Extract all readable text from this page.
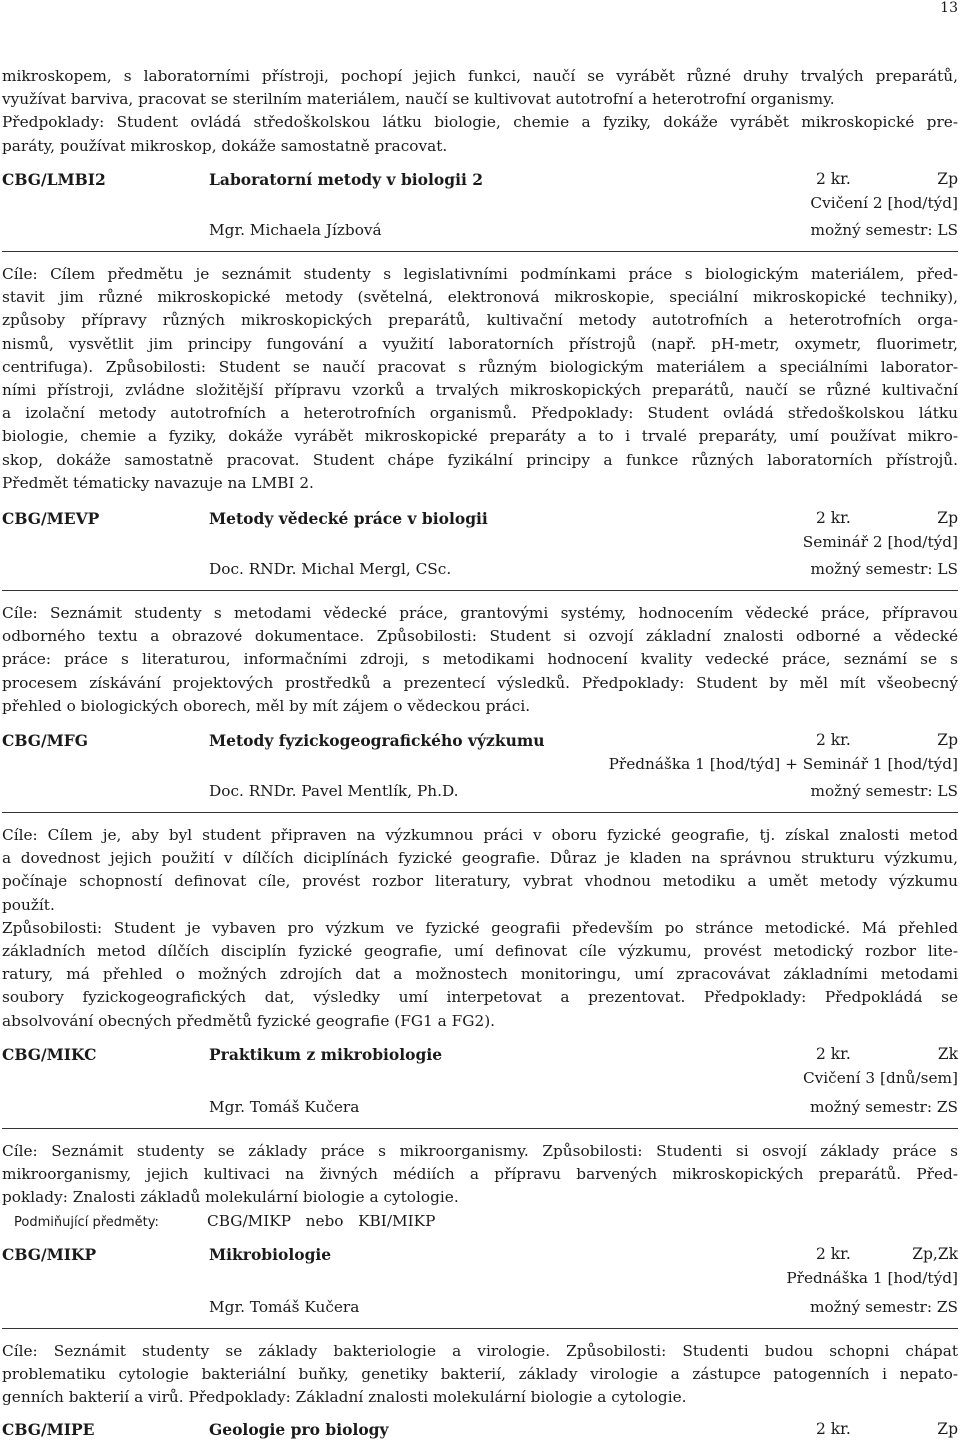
13
mikroskopem, s laboratorními přístroji, pochopí jejich funkci, naučí se vyrábět různé druhy trvalých preparátů,
využívat barviva, pracovat se sterilním materiálem, naučí se kultivovat autotrofní a heterotrofní organismy.
Předpoklady: Student ovládá středoškolskou látku biologie, chemie a fyziky, dokáže vyrábět mikroskopické pre-
paráty, používat mikroskop, dokáže samostatně pracovat.
CBG/LMBI2	Laboratorní metody v biologii 2	2 kr.	Zp
Cvičení 2 [hod/týd]
Mgr. Michaela Jízbová	možný semestr: LS
Cíle: Cílem předmětu je seznámit studenty s legislativními podmínkami práce s biologickým materiálem, před-
stavit jim různé mikroskopické metody (světelná, elektronová mikroskopie, speciální mikroskopické techniky),
způsoby přípravy různých mikroskopických preparátů, kultivační metody autotrofních a heterotrofních orga-
nismů, vysvětlit jim principy fungování a využití laboratorních přístrojů (např. pH-metr, oxymetr, fluorimetr,
centrifuga). Způsobilosti: Student se naučí pracovat s různým biologickým materiálem a speciálními laborator-
ními přístroji, zvládne složitější přípravu vzorků a trvalých mikroskopických preparátů, naučí se různé kultivační
a izolační metody autotrofních a heterotrofních organismů. Předpoklady: Student ovládá středoškolskou látku
biologie, chemie a fyziky, dokáže vyrábět mikroskopické preparáty a to i trvalé preparáty, umí používat mikro-
skop, dokáže samostatně pracovat. Student chápe fyzikální principy a funkce různých laboratorních přístrojů.
Předmět tématicky navazuje na LMBI 2.
CBG/MEVP	Metody vědecké práce v biologii	2 kr.	Zp
Seminář 2 [hod/týd]
Doc. RNDr. Michal Mergl, CSc.	možný semestr: LS
Cíle: Seznámit studenty s metodami vědecké práce, grantovými systémy, hodnocením vědecké práce, přípravou
odborného textu a obrazové dokumentace. Způsobilosti: Student si ozvojí základní znalosti odborné a vědecké
práce: práce s literaturou, informačními zdroji, s metodikami hodnocení kvality vedecké práce, seznámí se s
procesem získávání projektových prostředků a prezentecí výsledků. Předpoklady: Student by měl mít všeobecný
přehled o biologických oborech, měl by mít zájem o vědeckou práci.
CBG/MFG	Metody fyzickogeografického výzkumu	2 kr.	Zp
Přednáška 1 [hod/týd] + Seminář 1 [hod/týd]
Doc. RNDr. Pavel Mentlík, Ph.D.	možný semestr: LS
Cíle: Cílem je, aby byl student připraven na výzkumnou práci v oboru fyzické geografie, tj. získal znalosti metod
a dovednost jejich použití v dílčích diciplínách fyzické geografie. Důraz je kladen na správnou strukturu výzkumu,
počínaje schopností definovat cíle, provést rozbor literatury, vybrat vhodnou metodiku a umět metody výzkumu
použít.
Způsobilosti: Student je vybaven pro výzkum ve fyzické geografii především po stránce metodické. Má přehled
základních metod dílčích disciplín fyzické geografie, umí definovat cíle výzkumu, provést metodický rozbor lite-
ratury, má přehled o možných zdrojích dat a možnostech monitoringu, umí zpracovávat základními metodami
soubory fyzickogeografických dat, výsledky umí interpetovat a prezentovat. Předpoklady: Předpokládá se
absolvování obecných předmětů fyzické geografie (FG1 a FG2).
CBG/MIKC	Praktikum z mikrobiologie	2 kr.	Zk
Cvičení 3 [dnů/sem]
Mgr. Tomáš Kučera	možný semestr: ZS
Cíle: Seznámit studenty se základy práce s mikroorganismy. Způsobilosti: Studenti si osvojí základy práce s
mikroorganismy, jejich kultivaci na živných médiích a přípravu barvených mikroskopických preparátů. Před-
poklady: Znalosti základů molekulární biologie a cytologie.
Podmiňující předměty:	CBG/MIKP   nebo   KBI/MIKP
CBG/MIKP	Mikrobiologie	2 kr.	Zp,Zk
Přednáška 1 [hod/týd]
Mgr. Tomáš Kučera	možný semestr: ZS
Cíle: Seznámit studenty se základy bakteriologie a virologie. Způsobilosti: Studenti budou schopni chápat
problematiku cytologie bakteriální buňky, genetiky bakterií, základy virologie a zástupce patogenních i nepato-
genních bakterií a virů. Předpoklady: Základní znalosti molekulární biologie a cytologie.
CBG/MIPE	Geologie pro biology	2 kr.	Zp
